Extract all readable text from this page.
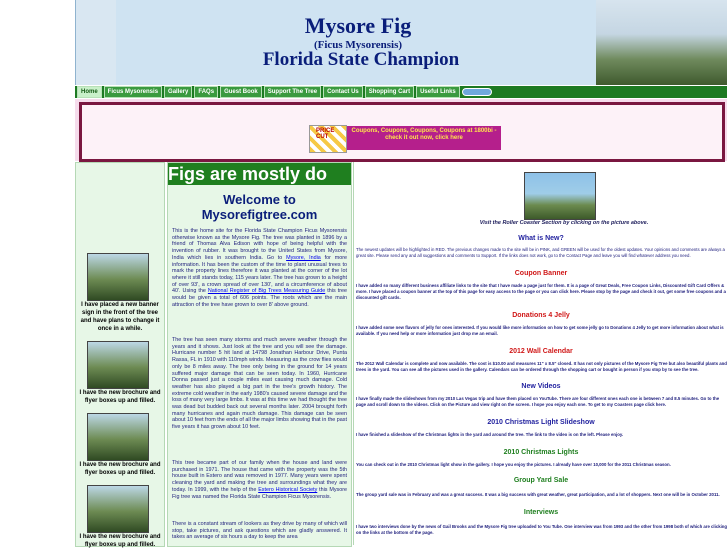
Mysore Fig
(Ficus Mysorensis)
Florida State Champion
Home	Ficus Mysorensis	Gallery	FAQs	Guest Book	Support The Tree	Contact Us	Shopping Cart	Useful Links
PRICE CUT
Coupons, Coupons, Coupons, Coupons at 1800bi - check it out now, click here
I have placed a new banner sign in the front of the tree and have plans to change it once in a while.
I have the new brochure and flyer boxes up and filled.
I have the new brochure and flyer boxes up and filled.
I have the new brochure and flyer boxes up and filled.
Figs are mostly do
Welcome to
Mysorefigtree.com
This is the home site for the Florida State Champion Ficus Mysorensis otherwise known as the Mysore Fig. The tree was planted in 1896 by a friend of Thomas Alva Edison with hope of being helpful with the invention of rubber. It was brought to the United States from Mysore, India which lies in southern India. Go to Mysore, India for more information. It has been the custom of the time to plant unusual trees to mark the property lines therefore it was planted at the corner of the lot where it still stands today, 115 years later. The tree has grown to a height of over 93', a crown spread of over 130', and a circumference of about 40'. Using the National Register of Big Trees Measuring Guide this tree would be given a total of 606 points. The roots which are the main attraction of the tree have grown to over 8' above ground.
The tree has seen many storms and much severe weather through the years and it shows. Just look at the tree and you will see the damage. Hurricane number 5 hit land at 14798 Jonathan Harbour Drive, Punta Rassa, FL in 1910 with 110mph winds. Measuring as the crow flies would only be 8 miles away. The tree only being in the ground for 14 years suffered major damage that can be seen today. In 1960, Hurricane Donna passed just a couple miles east causing much damage. Cold weather has also played a big part in the tree's growth history. The extreme cold weather in the early 1980's caused severe damage and the loss of many very large limbs. It was at this time we had thought the tree was dead but budded back out several months later. 2004 brought forth many hurricanes and again much damage. This damage can be seen about 10 feet from the ends of all the major limbs showing that in the past five years it has grown about 10 feet.
This tree became part of our family when the house and land were purchased in 1971. The house that came with the property was the 5th house built in Estero and was removed in 1977. Many years were spent cleaning the yard and making the tree and surroundings what they are today. In 1999, with the help of the Estero Historical Society this Mysore Fig tree was named the Florida State Champion Ficus Mysorensis.
There is a constant stream of lookers as they drive by many of which will stop, take pictures, and ask questions which are gladly answered. It takes an average of six hours a day to keep the area
Visit the Roller Coaster Section by clicking on the picture above.
What is New?
The newest updates will be highlighted in RED. The previous changes made to the site will be in PINK, and GREEN will be used for the oldest updates. Your opinions and comments are always a great site. Please send any and all suggestions and comments to Support. If the links does not work, go to the Contact Page and leave you will find whatever address you need.
Coupon Banner
I have added so many different business affiliate links to the site that I have made a page just for them. It is a page of Great Deals, Free Coupon Links, Discounted Gift Card Offers & more. I have placed a coupon banner at the top of this page for easy access to the page or you can click here. Please stop by the page and check it out, get some free coupons and a discounted gift cards.
Donations 4 Jelly
I have added some new flavors of jelly for ones interested. If you would like more information on how to get some jelly go to Donations 4 Jelly to get more information about what is available. If you need help or more information just drop me an email.
2012 Wall Calendar
The 2012 Wall Calendar is complete and now available. The cost is $10.00 and measures 11" x 8.5" closed. It has not only pictures of the Mysore Fig Tree but also beautiful plants and trees in the yard. You can see all the pictures used in the gallery. Calendars can be ordered through the shopping cart or bought in person if you stop by to see the tree.
New Videos
I have finally made the slideshows from my 2010 Las Vegas trip and have them placed on YouTube. There are four different ones each one is between 7 and 8.5 minutes. Go to the page and scroll down to the videos. Click on the Picture and view right on the screen. I hope you enjoy each one. To get to my Coasters page click here.
2010 Christmas Light Slideshow
I have finished a slideshow of the Christmas lights in the yard and around the tree. The link to the video is on the left. Please enjoy.
2010 Christmas Lights
You can check out in the 2010 Christmas light show in the gallery. I hope you enjoy the pictures. I already have over 10,000 for the 2011 Christmas season.
Group Yard Sale
The group yard sale was in February and was a great success. It was a big success with great weather, great participation, and a lot of shoppers. Next one will be in October 2011.
Interviews
I have two interviews done by the news of Gail Brooks and the Mysore Fig tree uploaded to You Tube. One interview was from 1993 and the other from 1998 both of which are clicking on the links at the bottom of the page.
